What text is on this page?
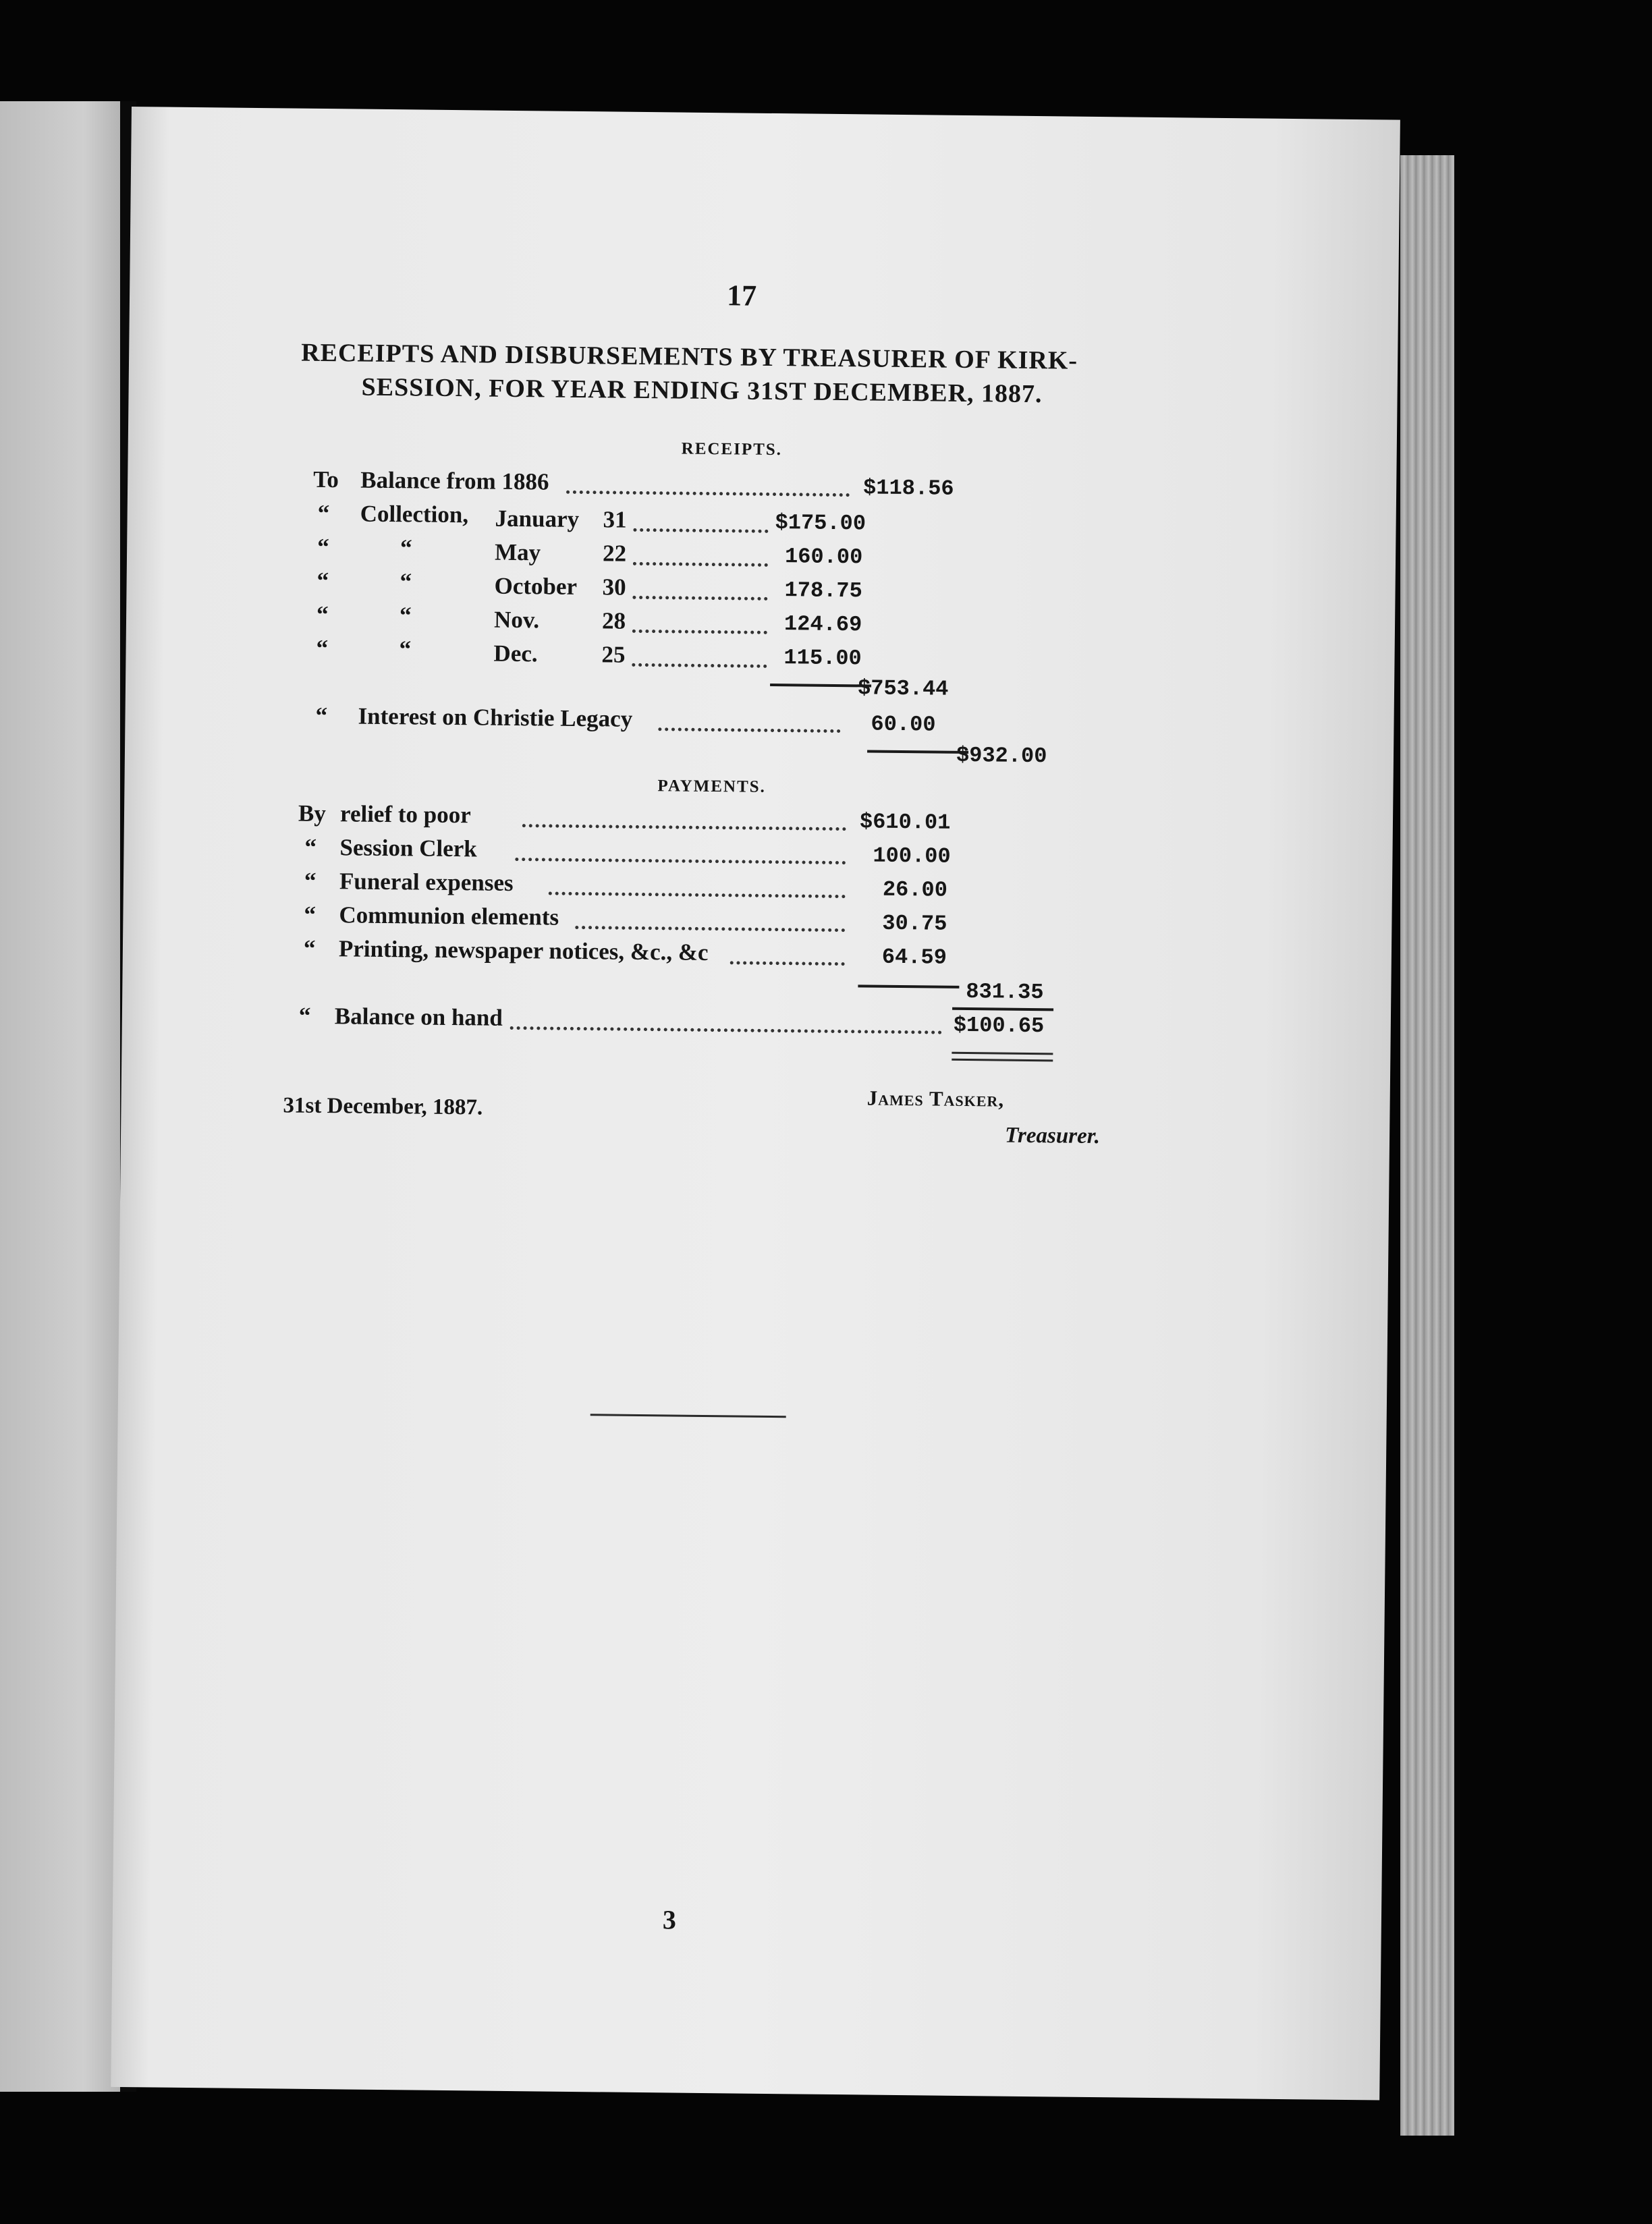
17
RECEIPTS AND DISBURSEMENTS BY TREASURER OF KIRK-
SESSION, FOR YEAR ENDING 31ST DECEMBER, 1887.
RECEIPTS.
To Balance from 1886	$118.56
“ Collection, January 31	$175.00
“	“	May	22	160.00
“	“	October 30	178.75
“	“	Nov.	28	124.69
“	“	Dec.	25	115.00
$753.44
“ Interest on Christie Legacy	60.00
$932.00
PAYMENTS.
By relief to poor	$610.01
“ Session Clerk	100.00
“ Funeral expenses	26.00
“ Communion elements	30.75
“ Printing, newspaper notices, &c., &c	64.59
831.35
“ Balance on hand	$100.65
31st December, 1887.	James Tasker,
Treasurer.
3
